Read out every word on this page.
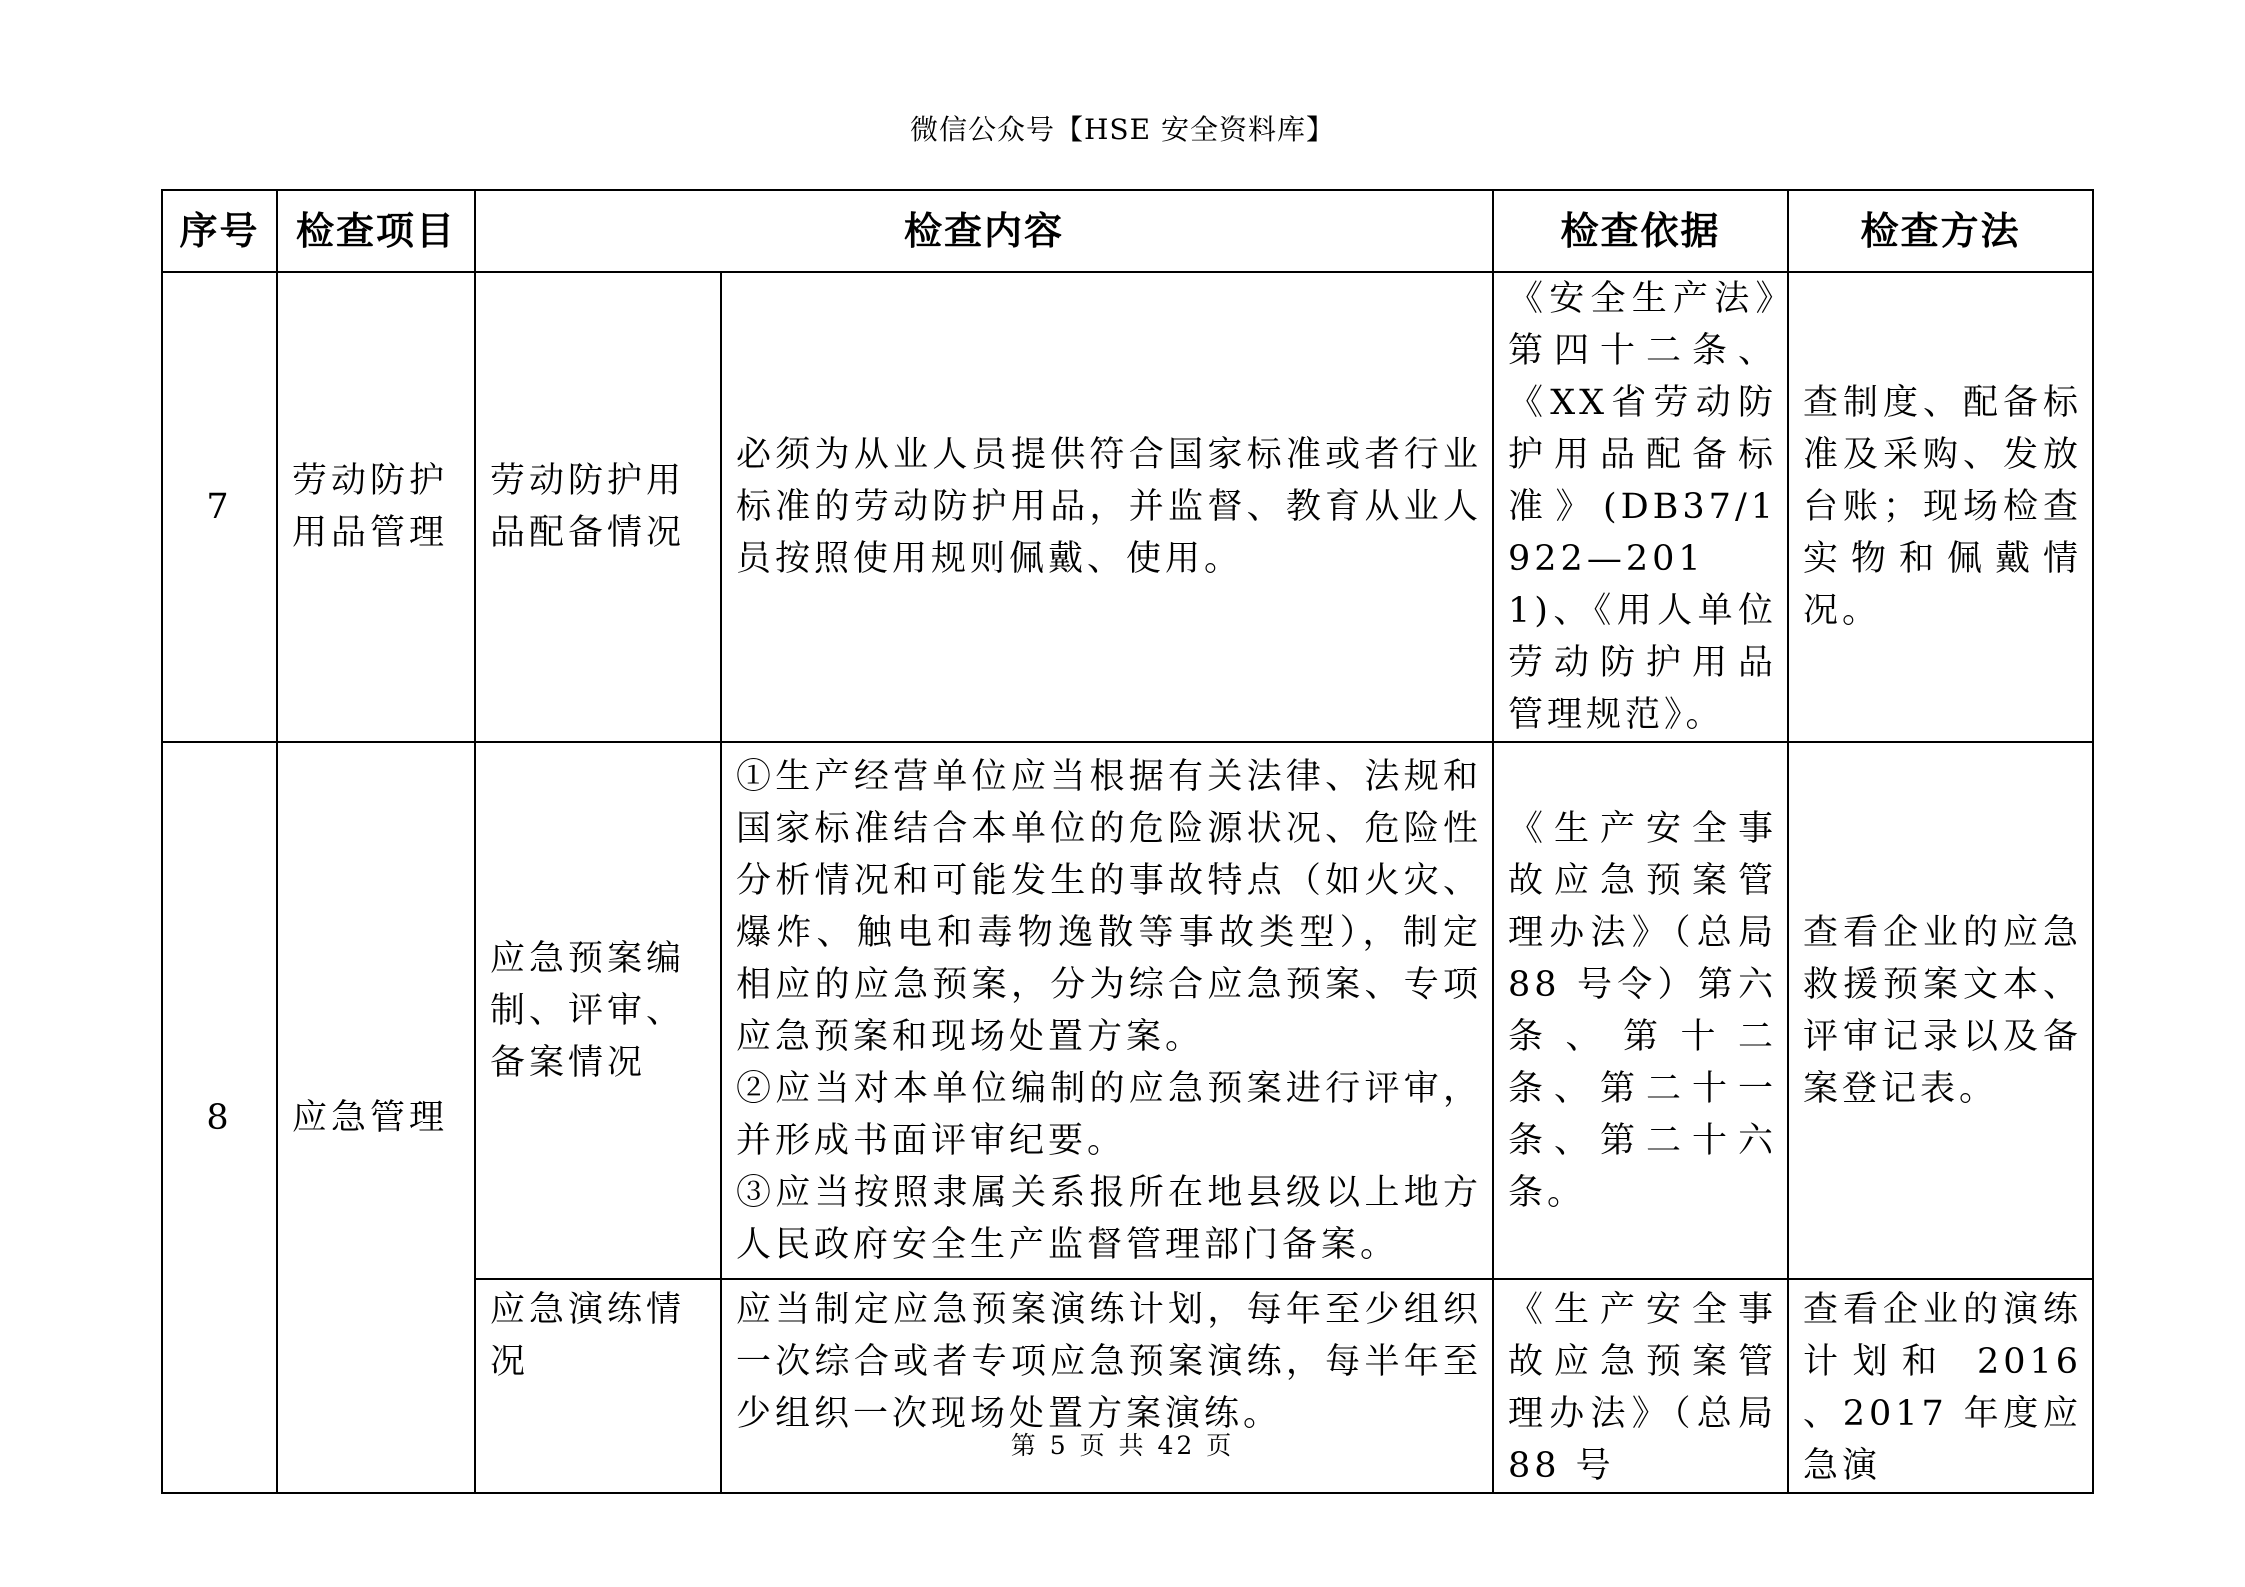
微信公众号【HSE 安全资料库】
序号	检查项目	检查内容		检查依据	检查方法
7	劳动防护用品管理	劳动防护用品配备情况	必须为从业人员提供符合国家标准或者行业标准的劳动防护用品，并监督、教育从业人员按照使用规则佩戴、使用。	《安全生产法》第四十二条、《XX省劳动防护用品配备标准》(DB37/1922—2011)、《用人单位劳动防护用品管理规范》。	查制度、配备标准及采购、发放台账；现场检查实物和佩戴情况。
8	应急管理	应急预案编制、评审、备案情况	①生产经营单位应当根据有关法律、法规和国家标准结合本单位的危险源状况、危险性分析情况和可能发生的事故特点（如火灾、爆炸、触电和毒物逸散等事故类型），制定相应的应急预案，分为综合应急预案、专项应急预案和现场处置方案。
②应当对本单位编制的应急预案进行评审，并形成书面评审纪要。
③应当按照隶属关系报所在地县级以上地方人民政府安全生产监督管理部门备案。	《生产安全事故应急预案管理办法》（总局 88 号令）第六条、第十二条、第二十一条、第二十六条。	查看企业的应急救援预案文本、评审记录以及备案登记表。
		应急演练情况	应当制定应急预案演练计划，每年至少组织一次综合或者专项应急预案演练，每半年至少组织一次现场处置方案演练。	《生产安全事故应急预案管理办法》（总局 88 号	查看企业的演练计划和 2016 、2017 年度应急演
第 5 页 共 42 页
